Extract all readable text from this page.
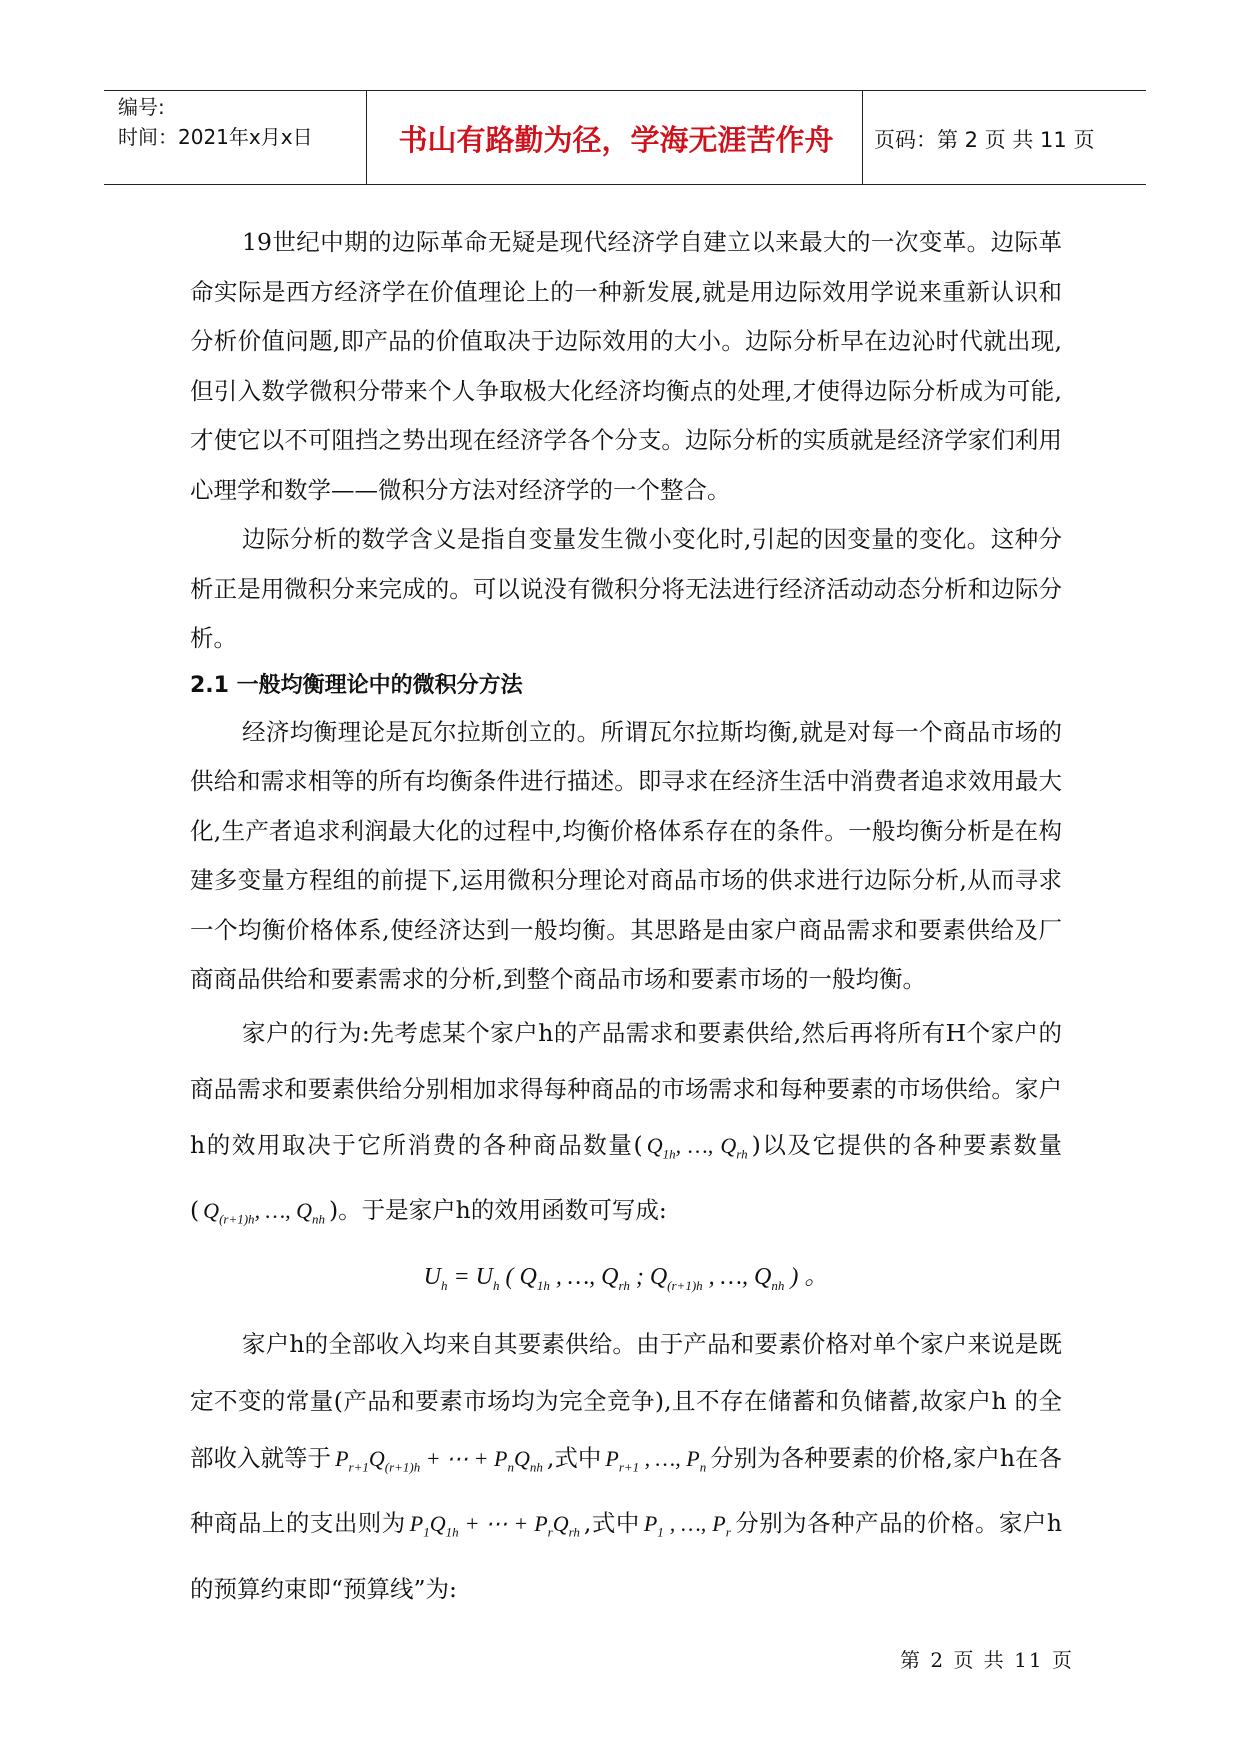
编号:
时间：2021年x月x日	书山有路勤为径，学海无涯苦作舟	页码：第 2 页 共 11 页

19世纪中期的边际革命无疑是现代经济学自建立以来最大的一次变革。边际革命实际是西方经济学在价值理论上的一种新发展,就是用边际效用学说来重新认识和分析价值问题,即产品的价值取决于边际效用的大小。边际分析早在边沁时代就出现,但引入数学微积分带来个人争取极大化经济均衡点的处理,才使得边际分析成为可能,才使它以不可阻挡之势出现在经济学各个分支。边际分析的实质就是经济学家们利用心理学和数学——微积分方法对经济学的一个整合。

边际分析的数学含义是指自变量发生微小变化时,引起的因变量的变化。这种分析正是用微积分来完成的。可以说没有微积分将无法进行经济活动动态分析和边际分析。

2.1 一般均衡理论中的微积分方法

经济均衡理论是瓦尔拉斯创立的。所谓瓦尔拉斯均衡,就是对每一个商品市场的供给和需求相等的所有均衡条件进行描述。即寻求在经济生活中消费者追求效用最大化,生产者追求利润最大化的过程中,均衡价格体系存在的条件。一般均衡分析是在构建多变量方程组的前提下,运用微积分理论对商品市场的供求进行边际分析,从而寻求一个均衡价格体系,使经济达到一般均衡。其思路是由家户商品需求和要素供给及厂商商品供给和要素需求的分析,到整个商品市场和要素市场的一般均衡。

家户的行为:先考虑某个家户h的产品需求和要素供给,然后再将所有H个家户的商品需求和要素供给分别相加求得每种商品的市场需求和每种要素的市场供给。家户h的效用取决于它所消费的各种商品数量( $Q_{1h}$, …, $Q_{rh}$ )以及它提供的各种要素数量( $Q_{(r+1)h}$, …, $Q_{nh}$ )。于是家户h的效用函数可写成:

$U_h = U_h$ ( $Q_{1h}$ , …, $Q_{rh}$ ; $Q_{(r+1)h}$ , …, $Q_{nh}$ ) 。

家户h的全部收入均来自其要素供给。由于产品和要素价格对单个家户来说是既定不变的常量(产品和要素市场均为完全竞争),且不存在储蓄和负储蓄,故家户h 的全部收入就等于 $P_{r+1}Q_{(r+1)h}$ + ⋯ + $P_nQ_{nh}$ ,式中 $P_{r+1}$ , …, $P_n$ 分别为各种要素的价格,家户h在各种商品上的支出则为 $P_1Q_{1h}$ + ⋯ + $P_rQ_{rh}$ ,式中 $P_1$ , …, $P_r$ 分别为各种产品的价格。家户h的预算约束即“预算线”为:

第 2 页 共 11 页
